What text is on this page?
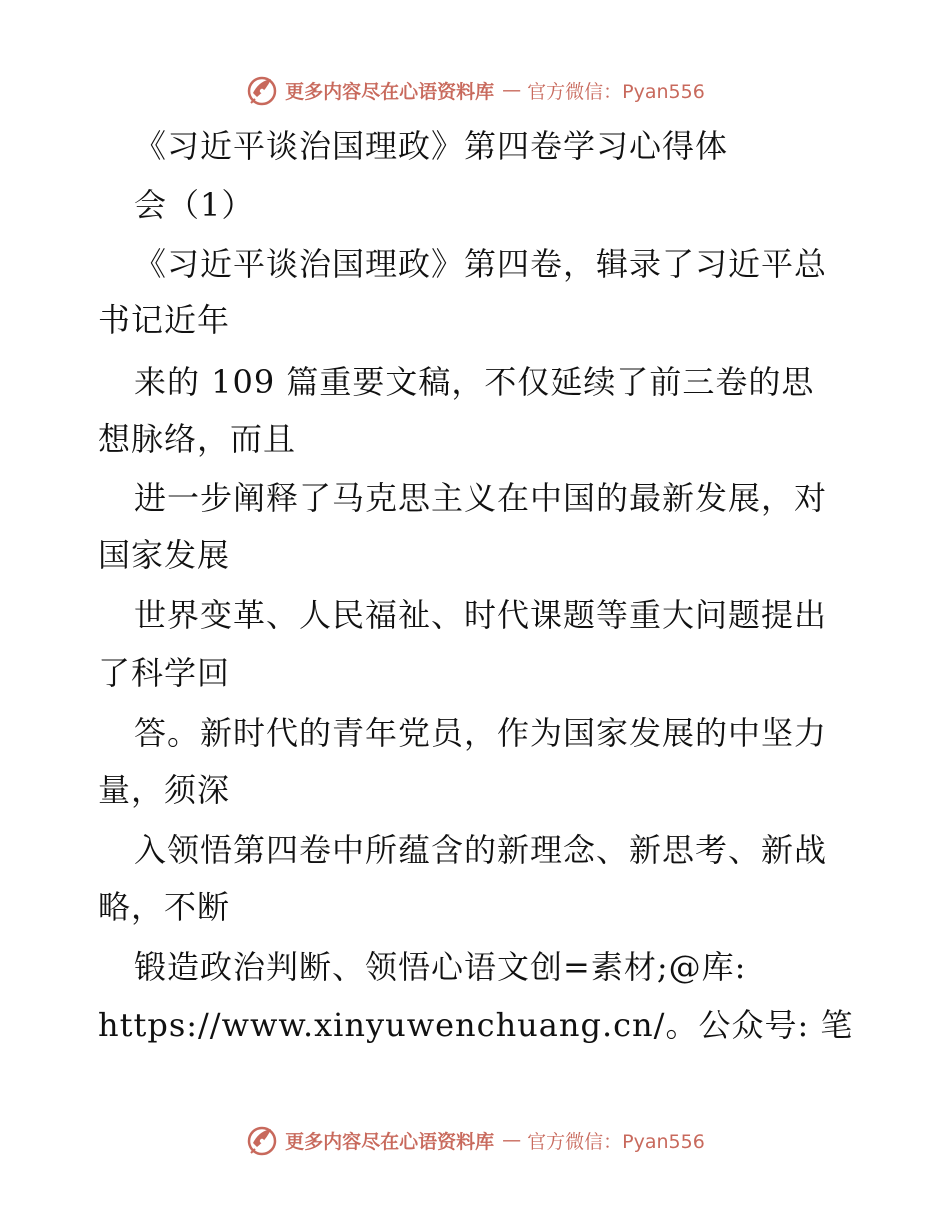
更多内容尽在心语资料库 — 官方微信：Pyan556
《习近平谈治国理政》第四卷学习心得体
会（1）
《习近平谈治国理政》第四卷，辑录了习近平总
书记近年
来的 109 篇重要文稿，不仅延续了前三卷的思
想脉络，而且
进一步阐释了马克思主义在中国的最新发展，对
国家发展
世界变革、人民福祉、时代课题等重大问题提出
了科学回
答。新时代的青年党员，作为国家发展的中坚力
量，须深
入领悟第四卷中所蕴含的新理念、新思考、新战
略，不断
锻造政治判断、领悟心语文创=素材;@库:
https://www.xinyuwenchuang.cn/。公众号: 笔
更多内容尽在心语资料库 — 官方微信：Pyan556
